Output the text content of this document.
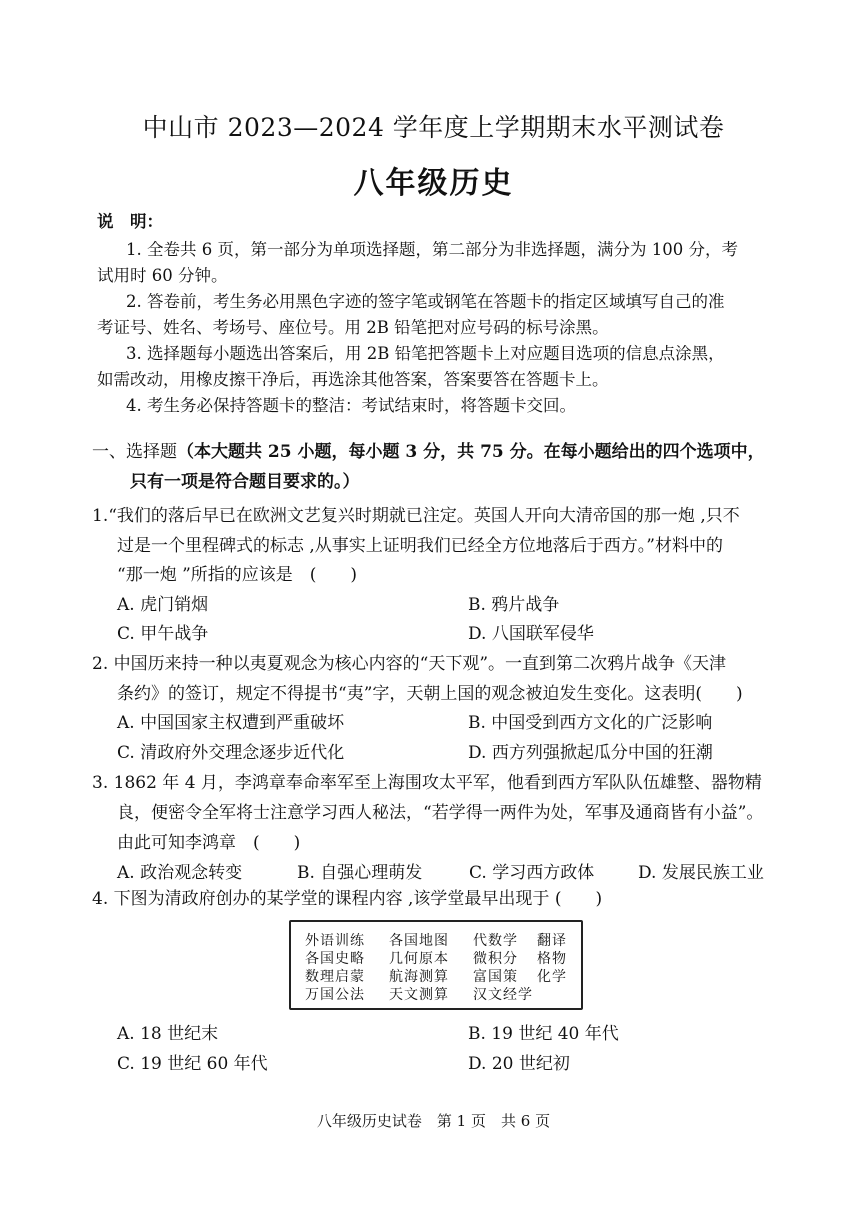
中山市 2023—2024 学年度上学期期末水平测试卷
八年级历史
说　明：
1. 全卷共 6 页，第一部分为单项选择题，第二部分为非选择题，满分为 100 分，考
试用时 60 分钟。
2. 答卷前，考生务必用黑色字迹的签字笔或钢笔在答题卡的指定区域填写自己的准
考证号、姓名、考场号、座位号。用 2B 铅笔把对应号码的标号涂黑。
3. 选择题每小题选出答案后，用 2B 铅笔把答题卡上对应题目选项的信息点涂黑，
如需改动，用橡皮擦干净后，再选涂其他答案，答案要答在答题卡上。
4. 考生务必保持答题卡的整洁：考试结束时，将答题卡交回。
一、选择题（本大题共 25 小题，每小题 3 分，共 75 分。在每小题给出的四个选项中，
只有一项是符合题目要求的。）
1.“我们的落后早已在欧洲文艺复兴时期就已注定。英国人开向大清帝国的那一炮 ,只不
过是一个里程碑式的标志 ,从事实上证明我们已经全方位地落后于西方。”材料中的
“那一炮 ”所指的应该是　(　　)
A. 虎门销烟	B. 鸦片战争
C. 甲午战争	D. 八国联军侵华
2. 中国历来持一种以夷夏观念为核心内容的“天下观”。一直到第二次鸦片战争《天津
条约》的签订，规定不得提书“夷”字，天朝上国的观念被迫发生变化。这表明(　　)
A. 中国国家主权遭到严重破坏	B. 中国受到西方文化的广泛影响
C. 清政府外交理念逐步近代化	D. 西方列强掀起瓜分中国的狂潮
3. 1862 年 4 月，李鸿章奉命率军至上海围攻太平军，他看到西方军队队伍雄整、器物精
良，便密令全军将士注意学习西人秘法，“若学得一两件为处，军事及通商皆有小益”。
由此可知李鸿章　(　　)
A. 政治观念转变	B. 自强心理萌发	C. 学习西方政体	D. 发展民族工业
4. 下图为清政府创办的某学堂的课程内容 ,该学堂最早出现于 (　　)
外语训练 各国地图 代数学 翻译
各国史略 几何原本 微积分 格物
数理启蒙 航海测算 富国策 化学
万国公法 天文测算 汉文经学
A. 18 世纪末	B. 19 世纪 40 年代
C. 19 世纪 60 年代	D. 20 世纪初
八年级历史试卷　第 1 页　共 6 页
